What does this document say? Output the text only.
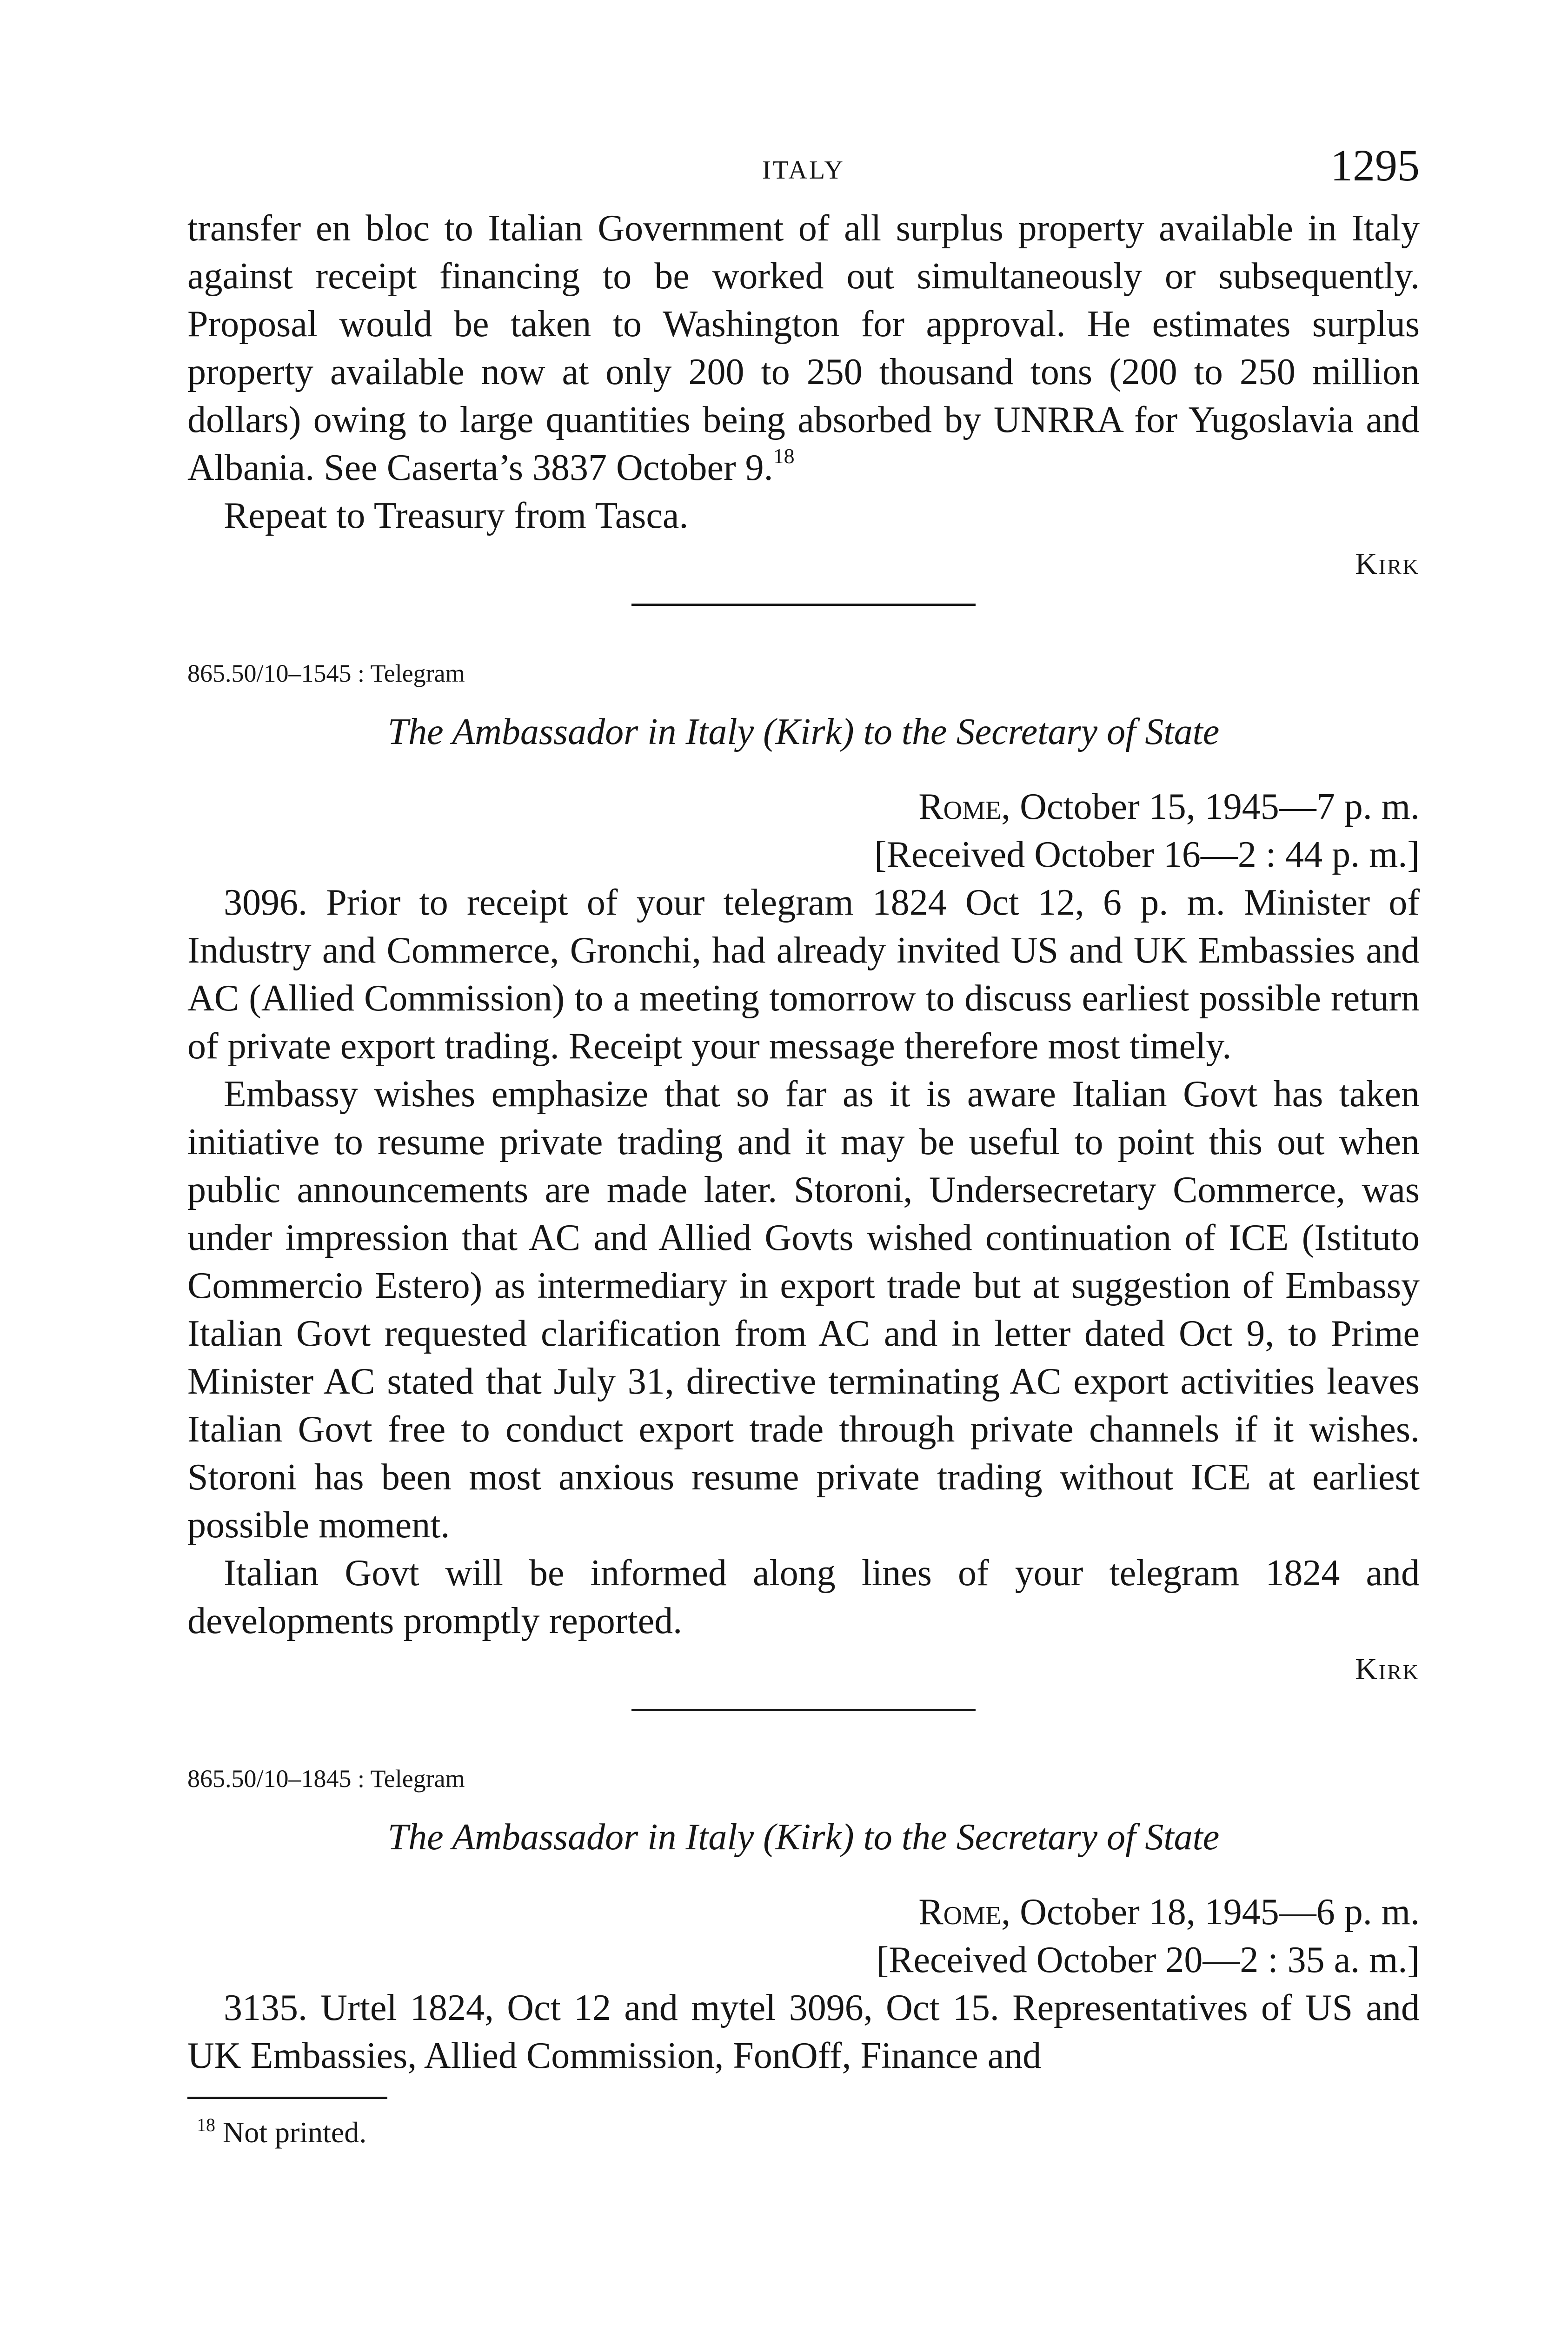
ITALY	1295

transfer en bloc to Italian Government of all surplus property available in Italy against receipt financing to be worked out simultaneously or subsequently. Proposal would be taken to Washington for approval. He estimates surplus property available now at only 200 to 250 thousand tons (200 to 250 million dollars) owing to large quantities being absorbed by UNRRA for Yugoslavia and Albania. See Caserta’s 3837 October 9.18

Repeat to Treasury from Tasca.

Kirk
865.50/10–1545 : Telegram
The Ambassador in Italy (Kirk) to the Secretary of State
Rome, October 15, 1945—7 p. m.
[Received October 16—2 : 44 p. m.]

3096. Prior to receipt of your telegram 1824 Oct 12, 6 p. m. Minister of Industry and Commerce, Gronchi, had already invited US and UK Embassies and AC (Allied Commission) to a meeting tomorrow to discuss earliest possible return of private export trading. Receipt your message therefore most timely.

Embassy wishes emphasize that so far as it is aware Italian Govt has taken initiative to resume private trading and it may be useful to point this out when public announcements are made later. Storoni, Undersecretary Commerce, was under impression that AC and Allied Govts wished continuation of ICE (Istituto Commercio Estero) as intermediary in export trade but at suggestion of Embassy Italian Govt requested clarification from AC and in letter dated Oct 9, to Prime Minister AC stated that July 31, directive terminating AC export activities leaves Italian Govt free to conduct export trade through private channels if it wishes. Storoni has been most anxious resume private trading without ICE at earliest possible moment.

Italian Govt will be informed along lines of your telegram 1824 and developments promptly reported.

Kirk
865.50/10–1845 : Telegram
The Ambassador in Italy (Kirk) to the Secretary of State
Rome, October 18, 1945—6 p. m.
[Received October 20—2 : 35 a. m.]

3135. Urtel 1824, Oct 12 and mytel 3096, Oct 15. Representatives of US and UK Embassies, Allied Commission, FonOff, Finance and

$^{18}$ Not printed.
